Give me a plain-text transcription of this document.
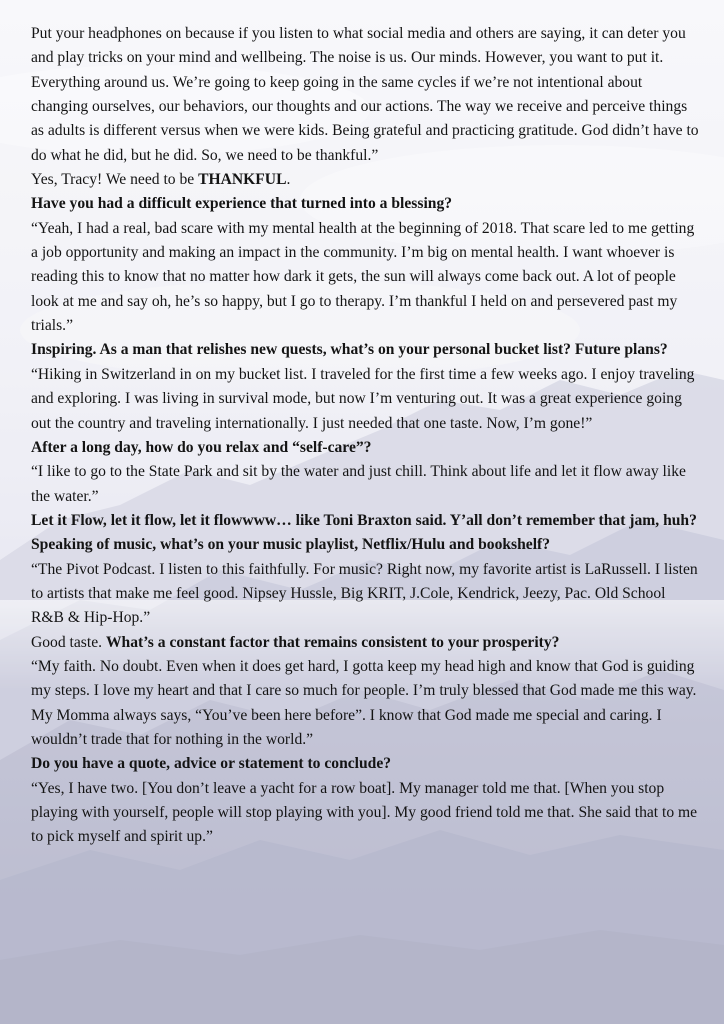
Put your headphones on because if you listen to what social media and others are saying, it can deter you and play tricks on your mind and wellbeing. The noise is us. Our minds. However, you want to put it. Everything around us. We’re going to keep going in the same cycles if we’re not intentional about changing ourselves, our behaviors, our thoughts and our actions. The way we receive and perceive things as adults is different versus when we were kids. Being grateful and practicing gratitude. God didn’t have to do what he did, but he did. So, we need to be thankful.”

Yes, Tracy! We need to be THANKFUL.

Have you had a difficult experience that turned into a blessing?

“Yeah, I had a real, bad scare with my mental health at the beginning of 2018. That scare led to me getting a job opportunity and making an impact in the community. I’m big on mental health. I want whoever is reading this to know that no matter how dark it gets, the sun will always come back out. A lot of people look at me and say oh, he’s so happy, but I go to therapy. I’m thankful I held on and persevered past my trials.”

Inspiring. As a man that relishes new quests, what’s on your personal bucket list? Future plans?

“Hiking in Switzerland in on my bucket list. I traveled for the first time a few weeks ago. I enjoy traveling and exploring. I was living in survival mode, but now I’m venturing out. It was a great experience going out the country and traveling internationally. I just needed that one taste. Now, I’m gone!”

After a long day, how do you relax and “self-care”?

“I like to go to the State Park and sit by the water and just chill. Think about life and let it flow away like the water.”

Let it Flow, let it flow, let it flowwww… like Toni Braxton said. Y’all don’t remember that jam, huh? Speaking of music, what’s on your music playlist, Netflix/Hulu and bookshelf?

“The Pivot Podcast. I listen to this faithfully. For music? Right now, my favorite artist is LaRussell. I listen to artists that make me feel good. Nipsey Hussle, Big KRIT, J.Cole, Kendrick, Jeezy, Pac. Old School R&B & Hip-Hop.”

Good taste. What’s a constant factor that remains consistent to your prosperity?

“My faith. No doubt. Even when it does get hard, I gotta keep my head high and know that God is guiding my steps. I love my heart and that I care so much for people. I’m truly blessed that God made me this way. My Momma always says, “You’ve been here before”. I know that God made me special and caring. I wouldn’t trade that for nothing in the world.”

Do you have a quote, advice or statement to conclude?

“Yes, I have two. [You don’t leave a yacht for a row boat]. My manager told me that. [When you stop playing with yourself, people will stop playing with you]. My good friend told me that. She said that to me to pick myself and spirit up.”
